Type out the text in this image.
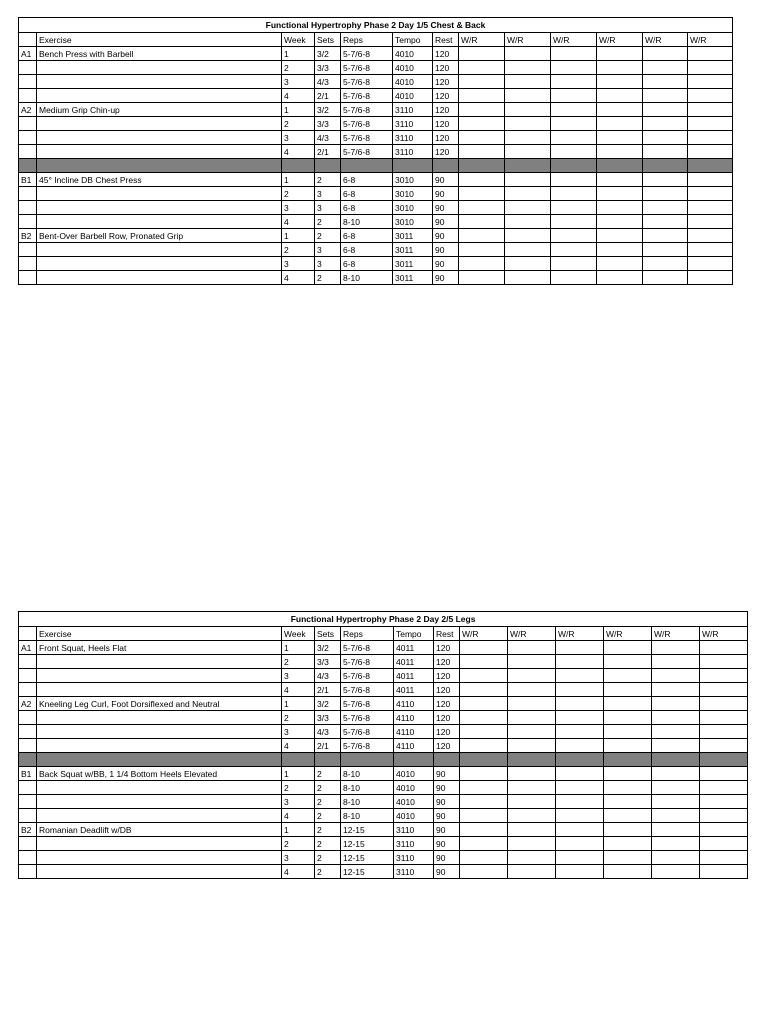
Functional Hypertrophy Phase 2 Day 1/5 Chest & Back												
	Exercise	Week	Sets	Reps	Tempo	Rest	W/R	W/R	W/R	W/R	W/R	W/R
A1	Bench Press with Barbell	1	3/2	5-7/6-8	4010	120						
		2	3/3	5-7/6-8	4010	120						
		3	4/3	5-7/6-8	4010	120						
		4	2/1	5-7/6-8	4010	120						
A2	Medium Grip Chin-up	1	3/2	5-7/6-8	3110	120						
		2	3/3	5-7/6-8	3110	120						
		3	4/3	5-7/6-8	3110	120						
		4	2/1	5-7/6-8	3110	120						

B1	45° Incline DB Chest Press	1	2	6-8	3010	90						
		2	3	6-8	3010	90						
		3	3	6-8	3010	90						
		4	2	8-10	3010	90						
B2	Bent-Over Barbell Row, Pronated Grip	1	2	6-8	3011	90						
		2	3	6-8	3011	90						
		3	3	6-8	3011	90						
		4	2	8-10	3011	90						
Functional Hypertrophy Phase 2 Day 2/5 Legs												
	Exercise	Week	Sets	Reps	Tempo	Rest	W/R	W/R	W/R	W/R	W/R	W/R
A1	Front Squat, Heels Flat	1	3/2	5-7/6-8	4011	120						
		2	3/3	5-7/6-8	4011	120						
		3	4/3	5-7/6-8	4011	120						
		4	2/1	5-7/6-8	4011	120						
A2	Kneeling Leg Curl, Foot Dorsiflexed and Neutral	1	3/2	5-7/6-8	4110	120						
		2	3/3	5-7/6-8	4110	120						
		3	4/3	5-7/6-8	4110	120						
		4	2/1	5-7/6-8	4110	120						

B1	Back Squat w/BB, 1 1/4 Bottom Heels Elevated	1	2	8-10	4010	90						
		2	2	8-10	4010	90						
		3	2	8-10	4010	90						
		4	2	8-10	4010	90						
B2	Romanian Deadlift w/DB	1	2	12-15	3110	90						
		2	2	12-15	3110	90						
		3	2	12-15	3110	90						
		4	2	12-15	3110	90						
